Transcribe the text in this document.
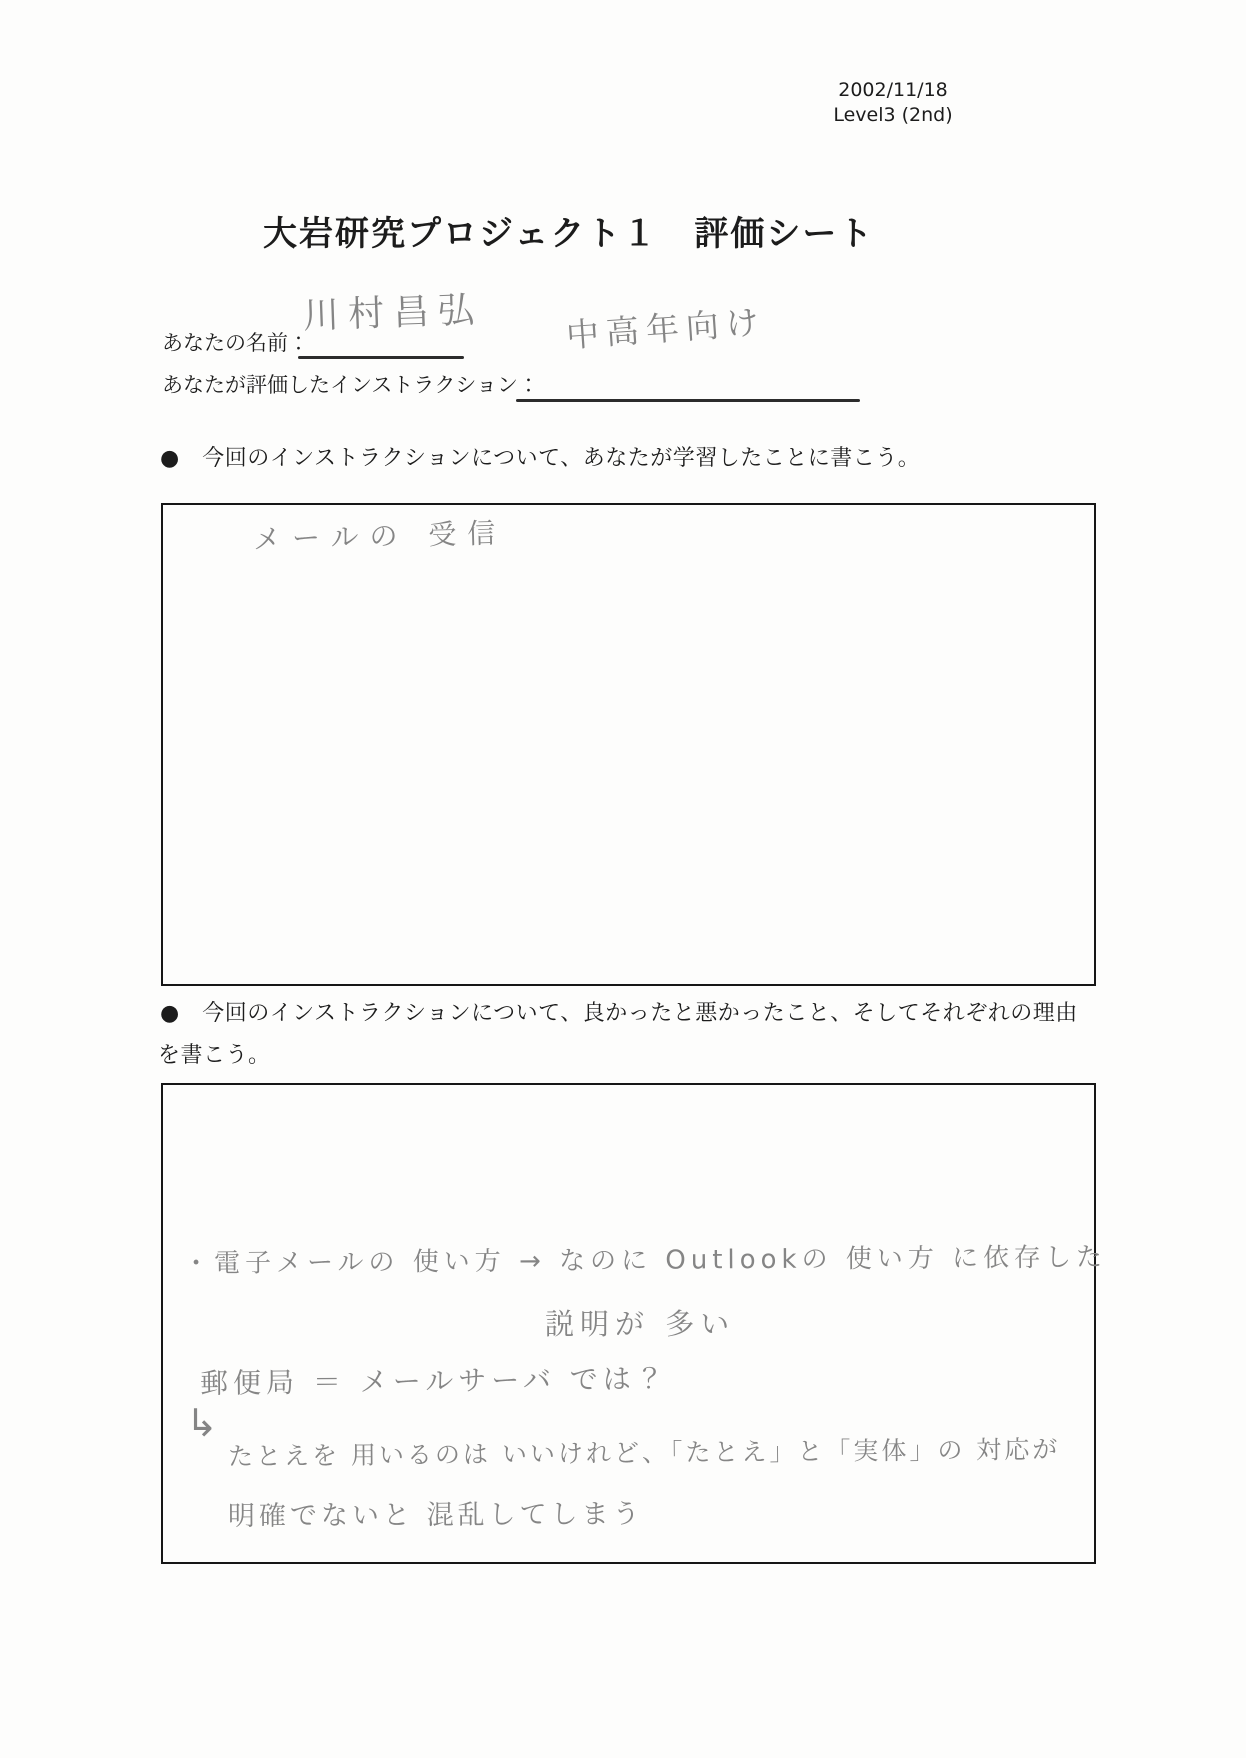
2002/11/18
Level3 (2nd)
大岩研究プロジェクト１　評価シート
あなたの名前：
川村昌弘
あなたが評価したインストラクション：
中高年向け
●　今回のインストラクションについて、あなたが学習したことに書こう。
メールの 受信
●　今回のインストラクションについて、良かったと悪かったこと、そしてそれぞれの理由
を書こう。
・電子メールの 使い方 → なのに Outlookの 使い方 に依存した
説明が 多い
郵便局 ＝ メールサーバ では？
↳
たとえを 用いるのは いいけれど、「たとえ」と「実体」の 対応が
明確でないと 混乱してしまう
